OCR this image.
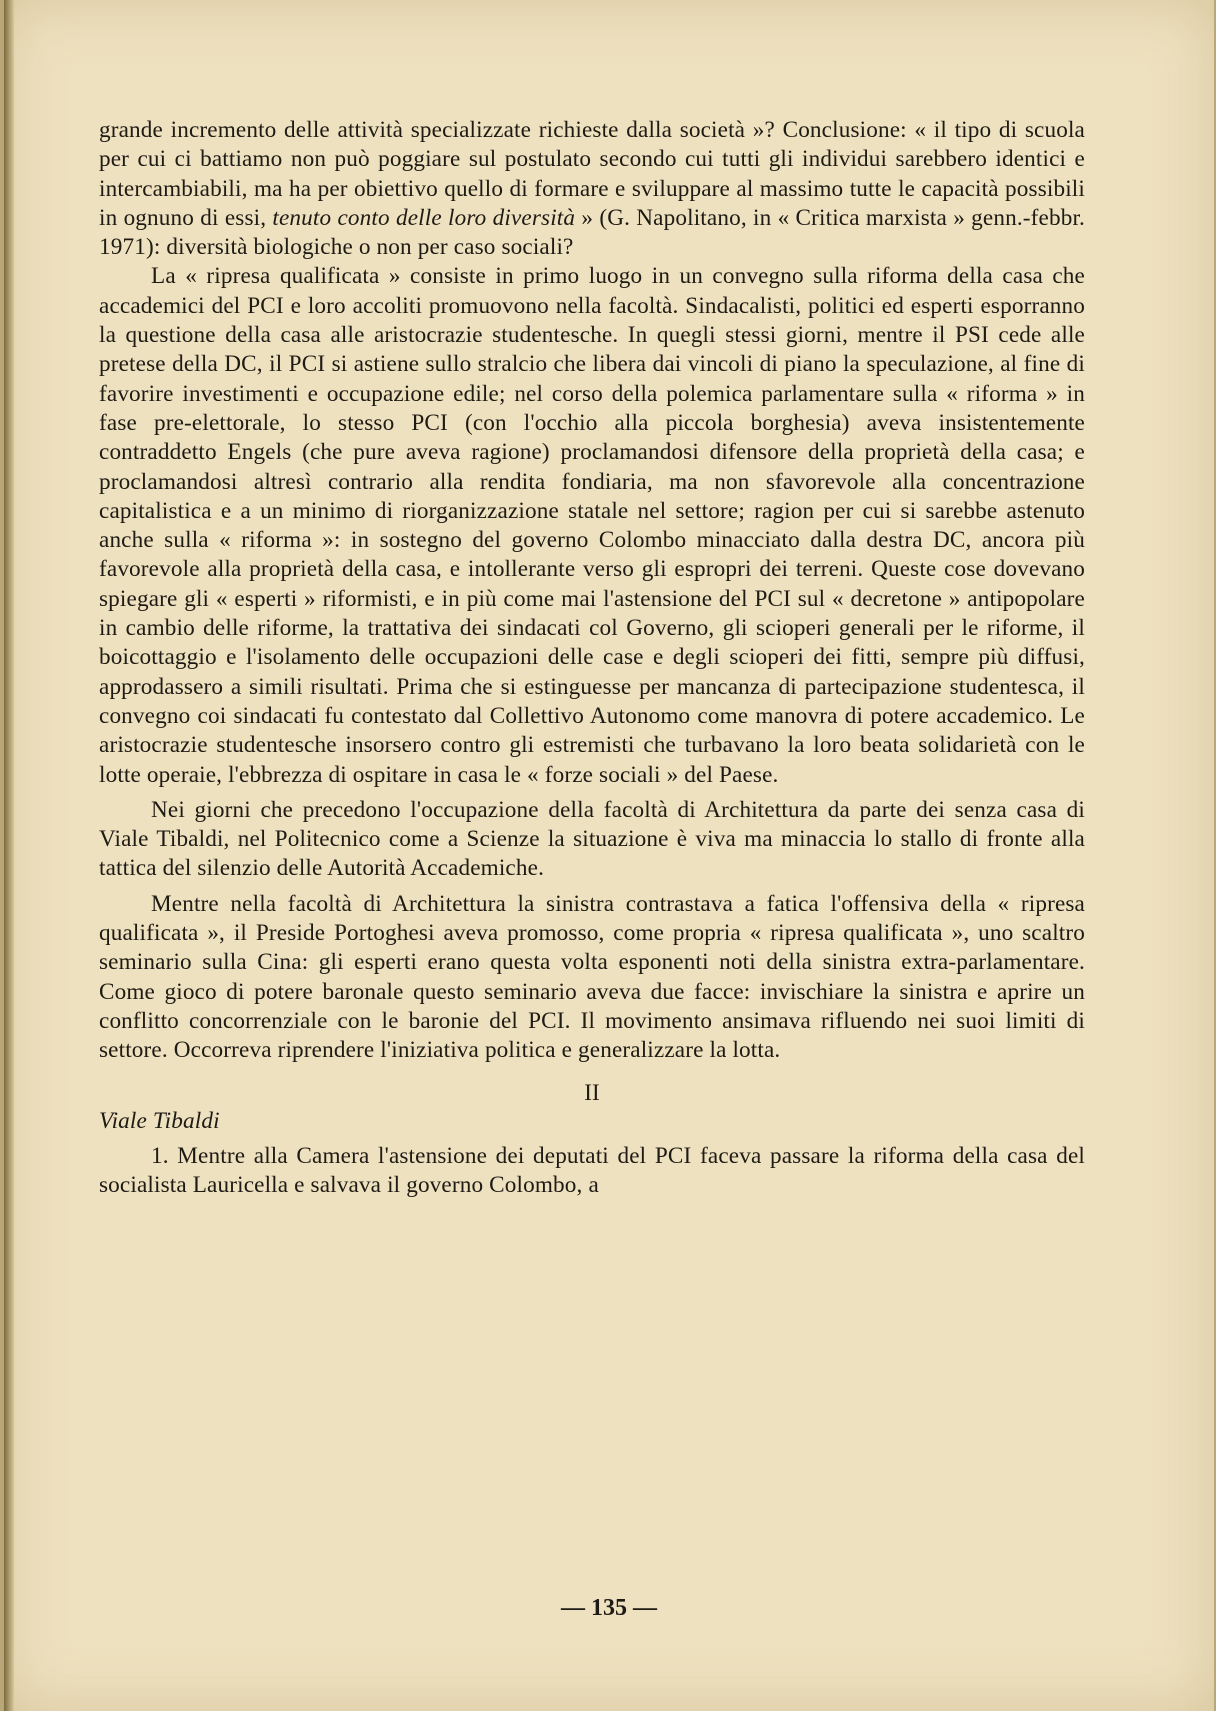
grande incremento delle attività specializzate richieste dalla società »? Conclusione: « il tipo di scuola per cui ci battiamo non può poggiare sul postulato secondo cui tutti gli individui sarebbero identici e intercambiabili, ma ha per obiettivo quello di formare e sviluppare al massimo tutte le capacità possibili in ognuno di essi, tenuto conto delle loro diversità » (G. Napolitano, in « Critica marxista » genn.-febbr. 1971): diversità biologiche o non per caso sociali?

La « ripresa qualificata » consiste in primo luogo in un convegno sulla riforma della casa che accademici del PCI e loro accoliti promuovono nella facoltà. Sindacalisti, politici ed esperti esporranno la questione della casa alle aristocrazie studentesche. In quegli stessi giorni, mentre il PSI cede alle pretese della DC, il PCI si astiene sullo stralcio che libera dai vincoli di piano la speculazione, al fine di favorire investimenti e occupazione edile; nel corso della polemica parlamentare sulla « riforma » in fase pre-elettorale, lo stesso PCI (con l'occhio alla piccola borghesia) aveva insistentemente contraddetto Engels (che pure aveva ragione) proclamandosi difensore della proprietà della casa; e proclamandosi altresì contrario alla rendita fondiaria, ma non sfavorevole alla concentrazione capitalistica e a un minimo di riorganizzazione statale nel settore; ragion per cui si sarebbe astenuto anche sulla « riforma »: in sostegno del governo Colombo minacciato dalla destra DC, ancora più favorevole alla proprietà della casa, e intollerante verso gli espropri dei terreni. Queste cose dovevano spiegare gli « esperti » riformisti, e in più come mai l'astensione del PCI sul « decretone » antipopolare in cambio delle riforme, la trattativa dei sindacati col Governo, gli scioperi generali per le riforme, il boicottaggio e l'isolamento delle occupazioni delle case e degli scioperi dei fitti, sempre più diffusi, approdassero a simili risultati. Prima che si estinguesse per mancanza di partecipazione studentesca, il convegno coi sindacati fu contestato dal Collettivo Autonomo come manovra di potere accademico. Le aristocrazie studentesche insorsero contro gli estremisti che turbavano la loro beata solidarietà con le lotte operaie, l'ebbrezza di ospitare in casa le « forze sociali » del Paese.

Nei giorni che precedono l'occupazione della facoltà di Architettura da parte dei senza casa di Viale Tibaldi, nel Politecnico come a Scienze la situazione è viva ma minaccia lo stallo di fronte alla tattica del silenzio delle Autorità Accademiche.

Mentre nella facoltà di Architettura la sinistra contrastava a fatica l'offensiva della « ripresa qualificata », il Preside Portoghesi aveva promosso, come propria « ripresa qualificata », uno scaltro seminario sulla Cina: gli esperti erano questa volta esponenti noti della sinistra extra-parlamentare. Come gioco di potere baronale questo seminario aveva due facce: invischiare la sinistra e aprire un conflitto concorrenziale con le baronie del PCI. Il movimento ansimava rifluendo nei suoi limiti di settore. Occorreva riprendere l'iniziativa politica e generalizzare la lotta.

II

Viale Tibaldi

1. Mentre alla Camera l'astensione dei deputati del PCI faceva passare la riforma della casa del socialista Lauricella e salvava il governo Colombo, a

— 135 —
